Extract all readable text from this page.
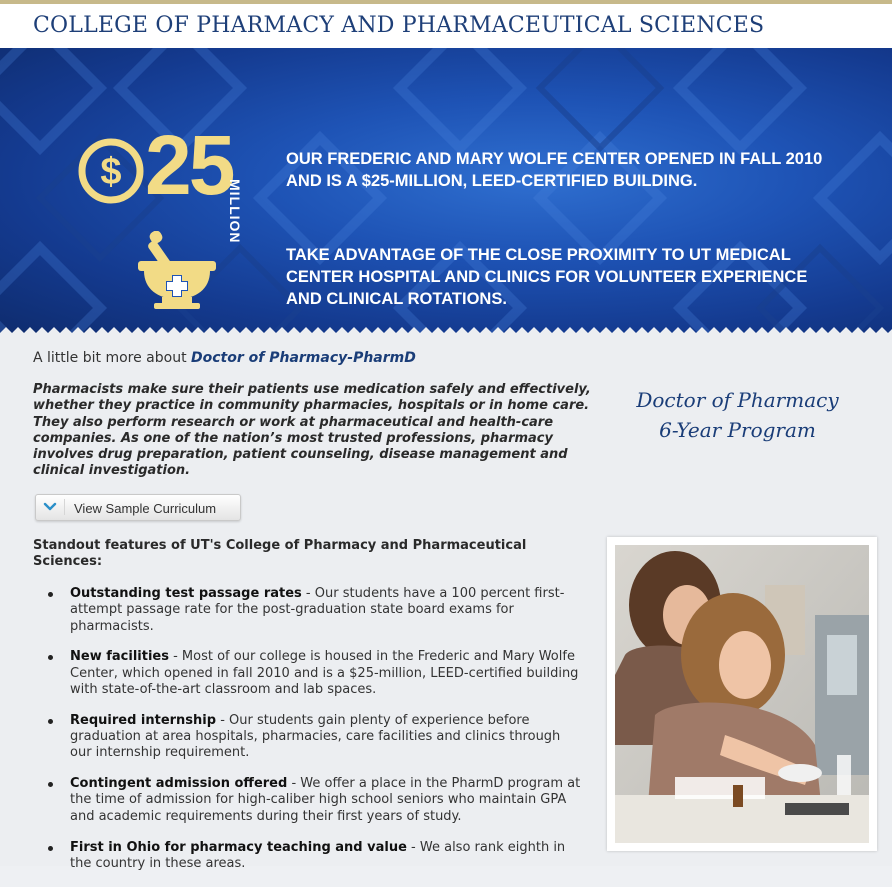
COLLEGE OF PHARMACY AND PHARMACEUTICAL SCIENCES
$ 25
MILLION
OUR FREDERIC AND MARY WOLFE CENTER OPENED IN FALL 2010 AND IS A $25-MILLION, LEED-CERTIFIED BUILDING.
TAKE ADVANTAGE OF THE CLOSE PROXIMITY TO UT MEDICAL CENTER HOSPITAL AND CLINICS FOR VOLUNTEER EXPERIENCE AND CLINICAL ROTATIONS.
A little bit more about Doctor of Pharmacy-PharmD
Pharmacists make sure their patients use medication safely and effectively, whether they practice in community pharmacies, hospitals or in home care. They also perform research or work at pharmaceutical and health-care companies. As one of the nation’s most trusted professions, pharmacy involves drug preparation, patient counseling, disease management and clinical investigation.
Doctor of Pharmacy
6-Year Program
View Sample Curriculum
Standout features of UT's College of Pharmacy and Pharmaceutical Sciences:
Outstanding test passage rates - Our students have a 100 percent first-attempt passage rate for the post-graduation state board exams for pharmacists.
New facilities - Most of our college is housed in the Frederic and Mary Wolfe Center, which opened in fall 2010 and is a $25-million, LEED-certified building with state-of-the-art classroom and lab spaces.
Required internship - Our students gain plenty of experience before graduation at area hospitals, pharmacies, care facilities and clinics through our internship requirement.
Contingent admission offered - We offer a place in the PharmD program at the time of admission for high-caliber high school seniors who maintain GPA and academic requirements during their first years of study.
First in Ohio for pharmacy teaching and value - We also rank eighth in the country in these areas.
